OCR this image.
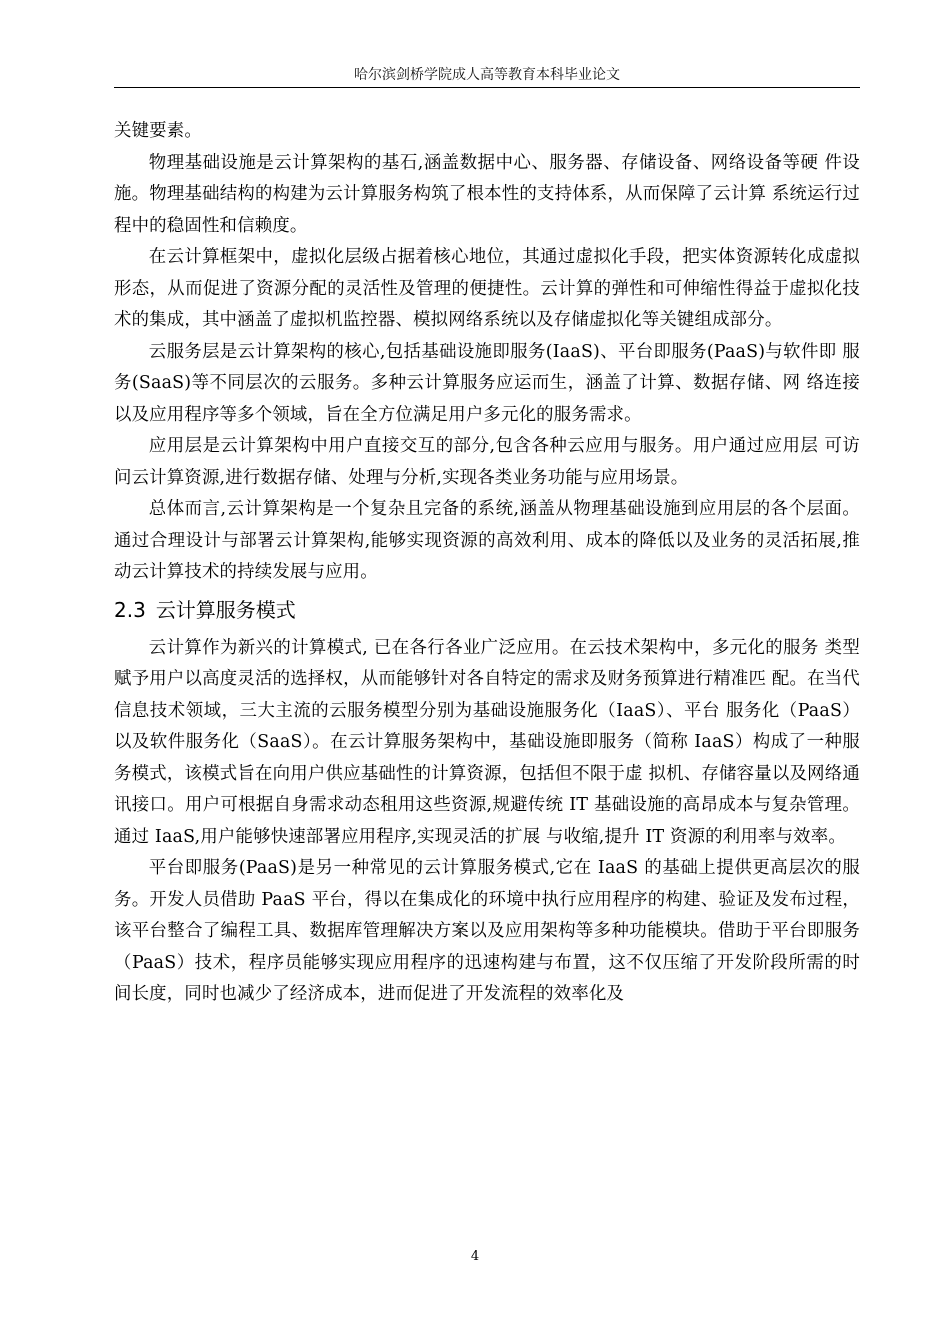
哈尔滨剑桥学院成人高等教育本科毕业论文

关键要素。

物理基础设施是云计算架构的基石,涵盖数据中心、服务器、存储设备、网络设备等硬 件设施。物理基础结构的构建为云计算服务构筑了根本性的支持体系，从而保障了云计算 系统运行过程中的稳固性和信赖度。

在云计算框架中，虚拟化层级占据着核心地位，其通过虚拟化手段，把实体资源转化成虚拟形态，从而促进了资源分配的灵活性及管理的便捷性。云计算的弹性和可伸缩性得益于虚拟化技术的集成，其中涵盖了虚拟机监控器、模拟网络系统以及存储虚拟化等关键组成部分。

云服务层是云计算架构的核心,包括基础设施即服务(IaaS)、平台即服务(PaaS)与软件即 服务(SaaS)等不同层次的云服务。多种云计算服务应运而生，涵盖了计算、数据存储、网 络连接以及应用程序等多个领域，旨在全方位满足用户多元化的服务需求。

应用层是云计算架构中用户直接交互的部分,包含各种云应用与服务。用户通过应用层 可访问云计算资源,进行数据存储、处理与分析,实现各类业务功能与应用场景。

总体而言,云计算架构是一个复杂且完备的系统,涵盖从物理基础设施到应用层的各个层面。通过合理设计与部署云计算架构,能够实现资源的高效利用、成本的降低以及业务的灵活拓展,推动云计算技术的持续发展与应用。

2.3 云计算服务模式

云计算作为新兴的计算模式, 已在各行各业广泛应用。在云技术架构中，多元化的服务 类型赋予用户以高度灵活的选择权，从而能够针对各自特定的需求及财务预算进行精准匹 配。在当代信息技术领域，三大主流的云服务模型分别为基础设施服务化（IaaS）、平台 服务化（PaaS）以及软件服务化（SaaS）。在云计算服务架构中，基础设施即服务（简称 IaaS）构成了一种服务模式，该模式旨在向用户供应基础性的计算资源，包括但不限于虚 拟机、存储容量以及网络通讯接口。用户可根据自身需求动态租用这些资源,规避传统 IT 基础设施的高昂成本与复杂管理。通过 IaaS,用户能够快速部署应用程序,实现灵活的扩展 与收缩,提升 IT 资源的利用率与效率。

平台即服务(PaaS)是另一种常见的云计算服务模式,它在 IaaS 的基础上提供更高层次的服务。开发人员借助 PaaS 平台，得以在集成化的环境中执行应用程序的构建、验证及发布过程，该平台整合了编程工具、数据库管理解决方案以及应用架构等多种功能模块。借助于平台即服务（PaaS）技术，程序员能够实现应用程序的迅速构建与布置，这不仅压缩了开发阶段所需的时间长度，同时也减少了经济成本，进而促进了开发流程的效率化及

4
